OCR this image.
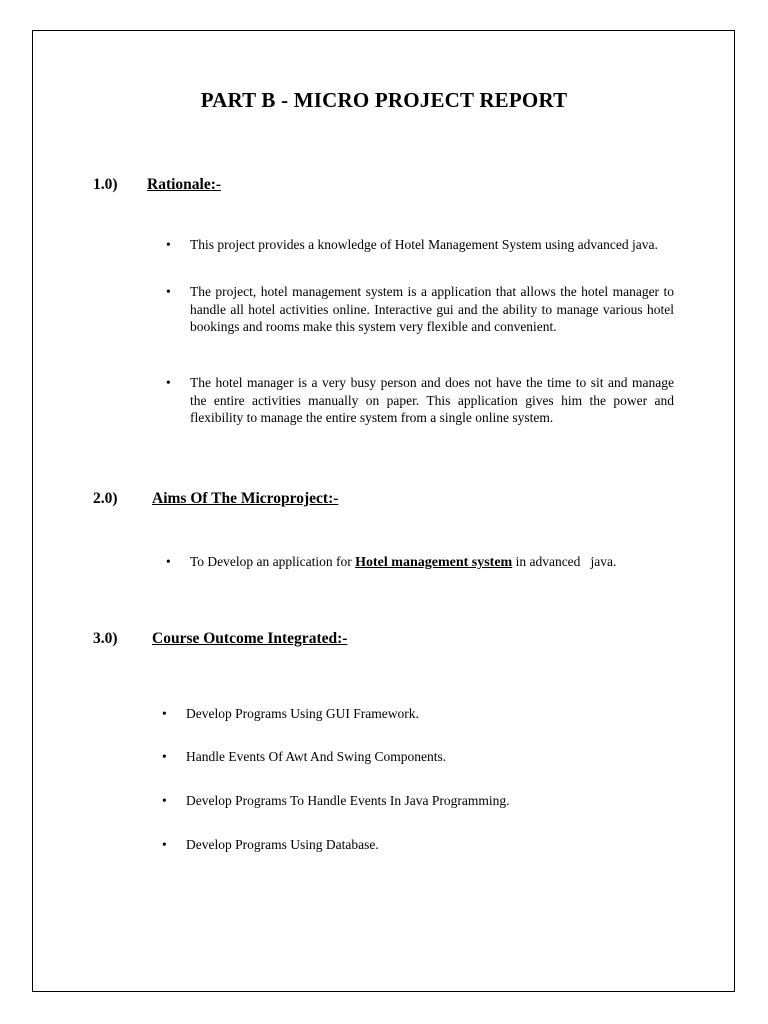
PART B - MICRO PROJECT REPORT
1.0) Rationale:-
• This project provides a knowledge of Hotel Management System using advanced java.
• The project, hotel management system is a application that allows the hotel manager to handle all hotel activities online. Interactive gui and the ability to manage various hotel bookings and rooms make this system very flexible and convenient.
• The hotel manager is a very busy person and does not have the time to sit and manage the entire activities manually on paper. This application gives him the power and flexibility to manage the entire system from a single online system.
2.0) Aims Of The Microproject:-
• To Develop an application for Hotel management system in advanced   java.
3.0) Course Outcome Integrated:-
• Develop Programs Using GUI Framework.
• Handle Events Of Awt And Swing Components.
• Develop Programs To Handle Events In Java Programming.
• Develop Programs Using Database.
